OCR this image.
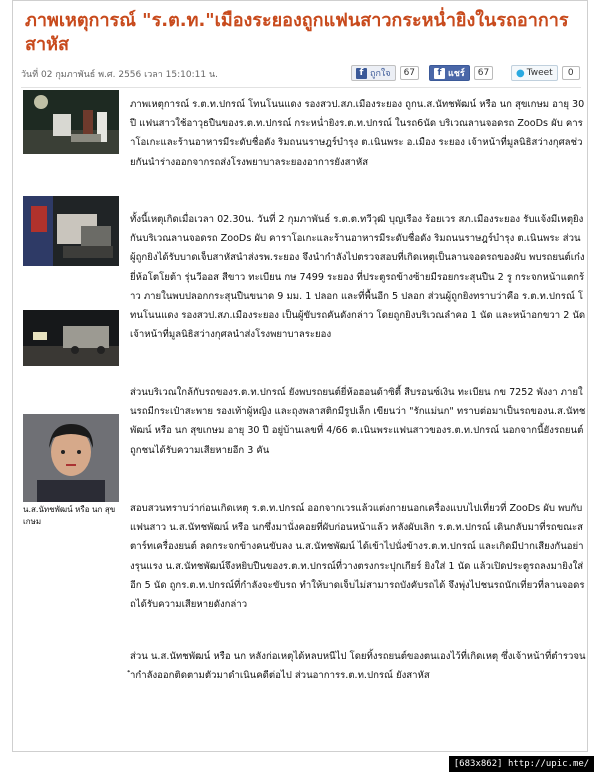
ภาพเหตุการณ์ "ร.ต.ท."เมืองระยองถูกแฟนสาวกระหน่ำยิงในรถอาการสาหัส
วันที่ 02 กุมภาพันธ์ พ.ศ. 2556 เวลา 15:10:11 น.	f ถูกใจ	67	f แชร์	67	● Tweet	0
น.ส.นัทชพัฒน์ หรือ นก สุขเกษม

ภาพเหตุการณ์ ร.ต.ท.ปกรณ์ โทนโนนแดง รองสวป.สภ.เมืองระยอง ถูกน.ส.นัทชพัฒน์ หรือ นก สุขเกษม อายุ 30 ปี แฟนสาวใช้อาวุธปืนของร.ต.ท.ปกรณ์ กระหน่ำยิงร.ต.ท.ปกรณ์ ในรถ6นัด บริเวณลานจอดรถ ZooDs ผับ คาราโอเกะและร้านอาหารมีระดับชื่อดัง ริมถนนราษฎร์บำรุง ต.เนินพระ อ.เมือง ระยอง เจ้าหน้าที่มูลนิธิสว่างกุศลช่วยกันนำร่างออกจากรถส่งโรงพยาบาลระยองอาการยังสาหัส

ทั้งนี้เหตุเกิดเมื่อเวลา 02.30น. วันที่ 2 กุมภาพันธ์ ร.ต.ต.ทวีวุฒิ บุญเรือง ร้อยเวร สภ.เมืองระยอง รับแจ้งมีเหตุยิงกันบริเวณลานจอดรถ ZooDs ผับ คาราโอเกะและร้านอาหารมีระดับชื่อดัง ริมถนนราษฎร์บำรุง ต.เนินพระ ส่วนผู้ถูกยิงได้รับบาดเจ็บสาหัสนำส่งรพ.ระยอง จึงนำกำลังไปตรวจสอบที่เกิดเหตุเป็นลานจอดรถของผับ พบรถยนต์เก๋งยี่ห้อโตโยต้า รุ่นวีออส สีขาว ทะเบียน กษ 7499 ระยอง ที่ประตูรถข้างซ้ายมีรอยกระสุนปืน 2 รู กระจกหน้าแตกร้าว ภายในพบปลอกกระสุนปืนขนาด 9 มม. 1 ปลอก และที่พื้นอีก 5 ปลอก ส่วนผู้ถูกยิงทราบว่าคือ ร.ต.ท.ปกรณ์ โทนโนนแดง รองสวป.สภ.เมืองระยอง เป็นผู้ขับรถคันดังกล่าว โดยถูกยิงบริเวณลำคอ 1 นัด และหน้าอกขวา 2 นัด เจ้าหน้าที่มูลนิธิสว่างกุศลนำส่งโรงพยาบาลระยอง

ส่วนบริเวณใกล้กับรถของร.ต.ท.ปกรณ์ ยังพบรถยนต์ยี่ห้อฮอนด้าซิตี้ สีบรอนซ์เงิน ทะเบียน กข 7252 พังงา ภายในรถมีกระเป๋าสะพาย รองเท้าผู้หญิง และถุงพลาสติกมีรูปเล็ก เขียนว่า "รักแม่นก" ทราบต่อมาเป็นรถของน.ส.นัทชพัฒน์ หรือ นก สุขเกษม อายุ 30 ปี อยู่บ้านเลขที่ 4/66 ต.เนินพระแฟนสาวของร.ต.ท.ปกรณ์ นอกจากนี้ยังรถยนต์ถูกชนได้รับความเสียหายอีก 3 คัน

สอบสวนทราบว่าก่อนเกิดเหตุ ร.ต.ท.ปกรณ์ ออกจากเวรแล้วแต่งกายนอกเครื่องแบบไปเที่ยวที่ ZooDs ผับ พบกับแฟนสาว น.ส.นัทชพัฒน์ หรือ นกซึ่งมานั่งคอยที่ผับก่อนหน้าแล้ว หลังผับเลิก ร.ต.ท.ปกรณ์ เดินกลับมาที่รถขณะสตาร์ทเครื่องยนต์ ลดกระจกข้างคนขับลง น.ส.นัทชพัฒน์ ได้เข้าไปนั่งข้างร.ต.ท.ปกรณ์ และเกิดมีปากเสียงกันอย่างรุนแรง น.ส.นัทชพัฒน์จึงหยิบปืนของร.ต.ท.ปกรณ์ที่วางตรงกระปุกเกียร์ ยิงใส่ 1 นัด แล้วเปิดประตูรถลงมายิงใส่อีก 5 นัด ถูกร.ต.ท.ปกรณ์ที่กำลังจะขับรถ ทำให้บาดเจ็บไม่สามารถบังคับรถได้ จึงพุ่งไปชนรถนักเที่ยวที่ลานจอดรถได้รับความเสียหายดังกล่าว

ส่วน น.ส.นัทชพัฒน์ หรือ นก หลังก่อเหตุได้หลบหนีไป โดยทิ้งรถยนต์ของตนเองไว้ที่เกิดเหตุ ซึ่งเจ้าหน้าที่ตำรวจนำกำลังออกติดตามตัวมาดำเนินคดีต่อไป ส่วนอาการร.ต.ท.ปกรณ์ ยังสาหัส

[683x862] http://upic.me/
